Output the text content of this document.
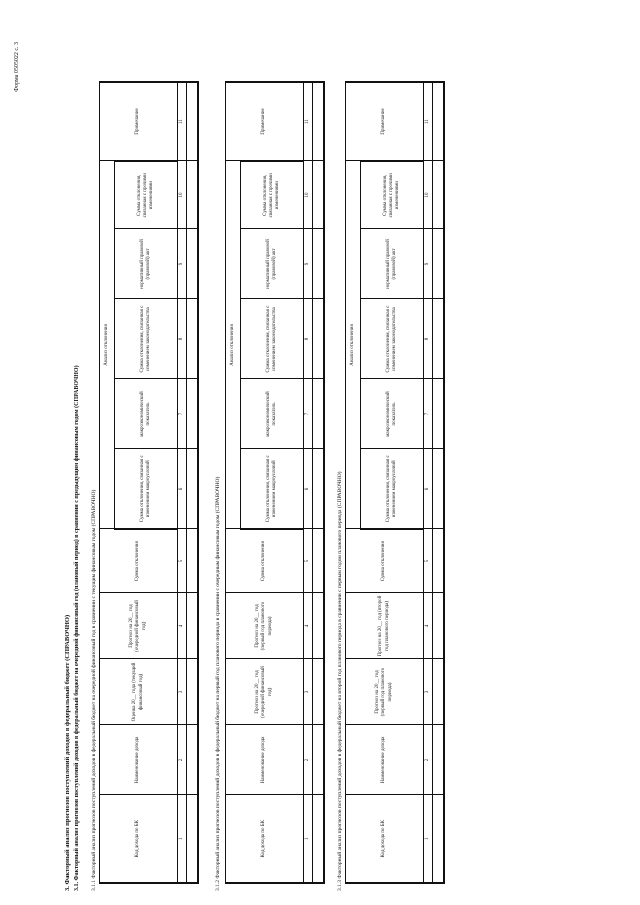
Форма 0505022 с. 3
3. Факторный анализ прогнозов поступлений доходов в федеральный бюджет (СПРАВОЧНО) 3.1. Факторный анализ прогнозов поступлений доходов в федеральный бюджет на очередной финансовый год (плановый период) в сравнении с предыдущим финансовым годом (СПРАВОЧНО) 3.1.1 Факторный анализ прогнозов поступлений доходов в федеральный бюджет на очередной финансовый год в сравнении с текущим финансовым годом (СПРАВОЧНО)	Код дохода по БК	Наименование дохода	Оценка 20__ года (текущий финансовый год)	Прогноз на 20__ год (очередной финансовый год)	Сумма отклонения	Анализ отклонения					Примечание
					Сумма отклонения, связанная с изменением макроусловий	макроэкономический показатель	Сумма отклонения, связанная с изменением законодательства	нормативный правовой (правовой) акт	Сумма отклонения, связанная с прочими изменениями	
1	2	3	4	5	6	7	8	9	10	11

3.1.2 Факторный анализ прогнозов поступлений доходов в федеральный бюджет на первый год планового периода в сравнении с очередным финансовым годом (СПРАВОЧНО)	Код дохода по БК	Наименование дохода	Прогноз на 20__ год (очередной финансовый год)	Прогноз на 20__ год (первый год планового периода)	Сумма отклонения	Анализ отклонения					Примечание
					Сумма отклонения, связанная с изменением макроусловий	макроэкономический показатель	Сумма отклонения, связанная с изменением законодательства	нормативный правовой (правовой) акт	Сумма отклонения, связанная с прочими изменениями	
1	2	3	4	5	6	7	8	9	10	11

3.1.3 Факторный анализ прогнозов поступлений доходов в федеральный бюджет на второй год планового периода в сравнении с первым годом планового периода (СПРАВОЧНО)	Код дохода по БК	Наименование дохода	Прогноз на 20__ год (первый год планового периода)	Прогноз на 20__ год (второй год планового периода)	Сумма отклонения	Анализ отклонения					Примечание
					Сумма отклонения, связанная с изменением макроусловий	макроэкономический показатель	Сумма отклонения, связанная с изменением законодательства	нормативный правовой (правовой) акт	Сумма отклонения, связанная с прочими изменениями	
1	2	3	4	5	6	7	8	9	10	11
